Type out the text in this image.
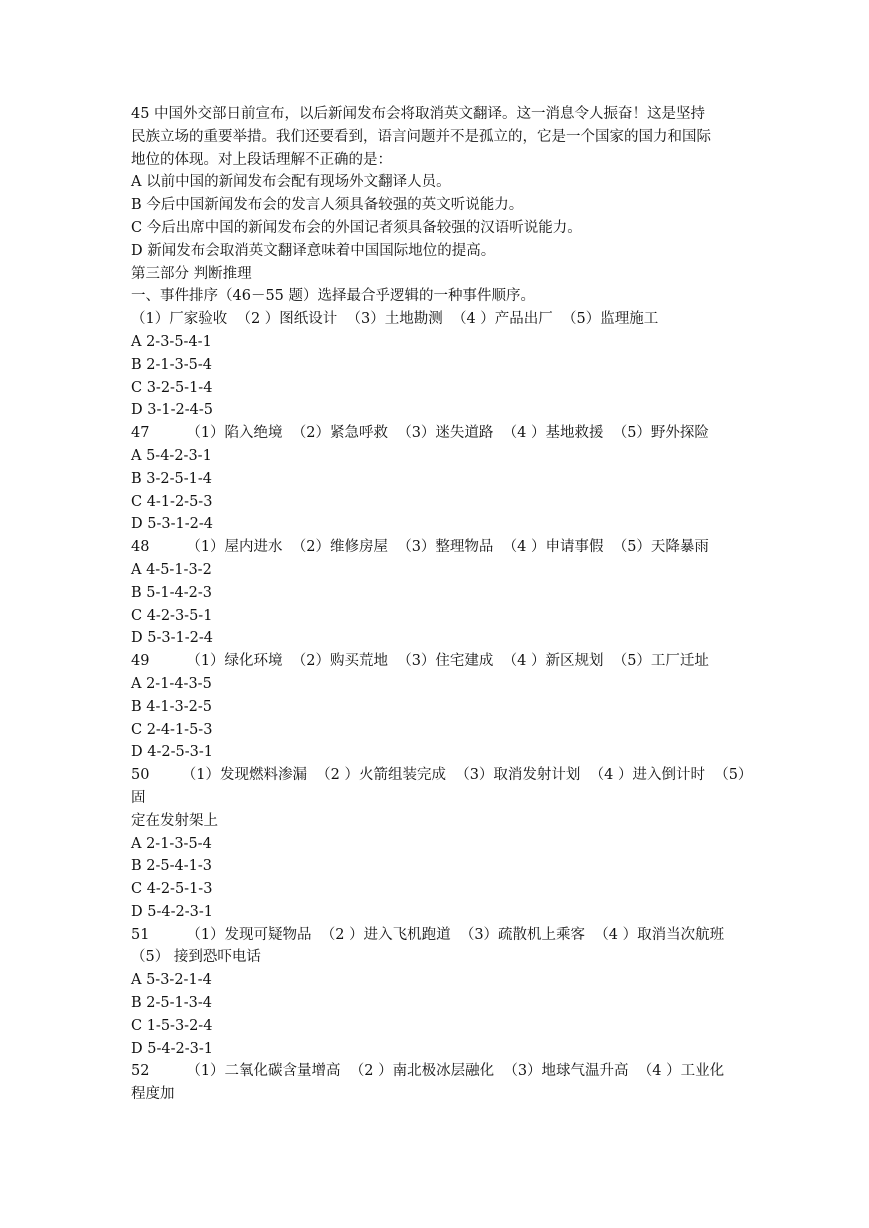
45 中国外交部日前宣布，以后新闻发布会将取消英文翻译。这一消息令人振奋！这是坚持
民族立场的重要举措。我们还要看到，语言问题并不是孤立的，它是一个国家的国力和国际
地位的体现。对上段话理解不正确的是：
A 以前中国的新闻发布会配有现场外文翻译人员。
B 今后中国新闻发布会的发言人须具备较强的英文听说能力。
C 今后出席中国的新闻发布会的外国记者须具备较强的汉语听说能力。
D 新闻发布会取消英文翻译意味着中国国际地位的提高。
第三部分 判断推理
一、事件排序（46－55 题）选择最合乎逻辑的一种事件顺序。
（1）厂家验收  （2 ）图纸设计  （3）土地勘测  （4 ）产品出厂  （5）监理施工
A 2-3-5-4-1
B 2-1-3-5-4
C 3-2-5-1-4
D 3-1-2-4-5
47        （1）陷入绝境  （2）紧急呼救  （3）迷失道路  （4 ）基地救援  （5）野外探险
A 5-4-2-3-1
B 3-2-5-1-4
C 4-1-2-5-3
D 5-3-1-2-4
48        （1）屋内进水  （2）维修房屋  （3）整理物品  （4 ）申请事假  （5）天降暴雨
A 4-5-1-3-2
B 5-1-4-2-3
C 4-2-3-5-1
D 5-3-1-2-4
49        （1）绿化环境  （2）购买荒地  （3）住宅建成  （4 ）新区规划  （5）工厂迁址
A 2-1-4-3-5
B 4-1-3-2-5
C 2-4-1-5-3
D 4-2-5-3-1
50       （1）发现燃料渗漏  （2 ）火箭组装完成  （3）取消发射计划  （4 ）进入倒计时  （5）
固
定在发射架上
A 2-1-3-5-4
B 2-5-4-1-3
C 4-2-5-1-3
D 5-4-2-3-1
51        （1）发现可疑物品  （2 ）进入飞机跑道  （3）疏散机上乘客  （4 ）取消当次航班
（5） 接到恐吓电话
A 5-3-2-1-4
B 2-5-1-3-4
C 1-5-3-2-4
D 5-4-2-3-1
52        （1）二氧化碳含量增高  （2 ）南北极冰层融化  （3）地球气温升高  （4 ）工业化
程度加
